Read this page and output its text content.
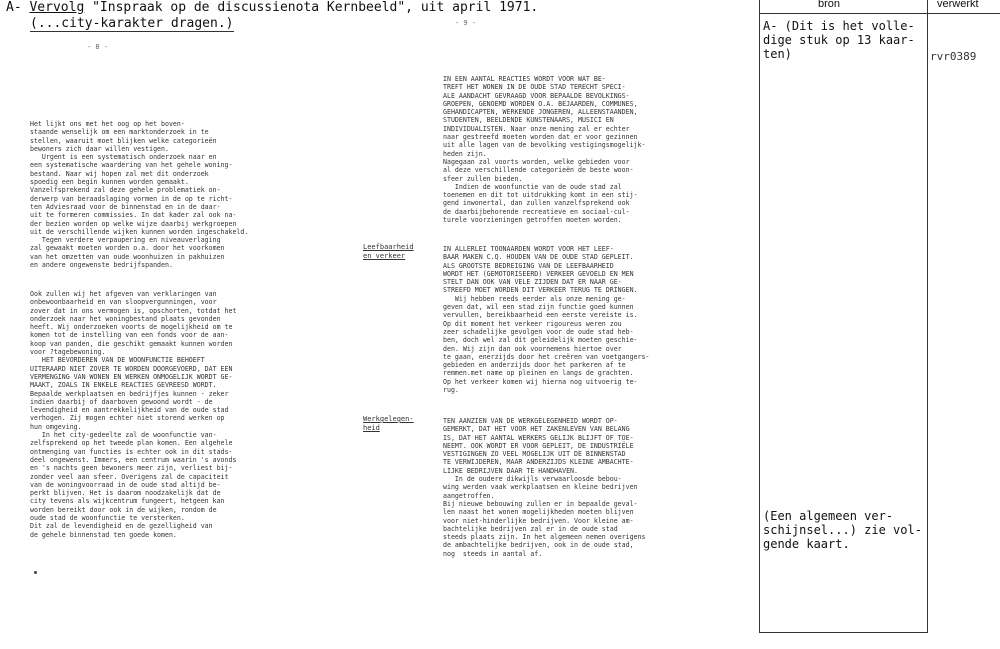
A- Vervolg "Inspraak op de discussienota Kernbeeld", uit april 1971.
(...city-karakter dragen.)
- 8 -
- 9 -
Het lijkt ons met het oog op het boven-
staande wenselijk om een marktonderzoek in te
stellen, waaruit moet blijken welke categorieën
bewoners zich daar willen vestigen.
Urgent is een systematisch onderzoek naar en
een systematische waardering van het gehele woning-
bestand. Naar wij hopen zal met dit onderzoek
spoedig een begin kunnen worden gemaakt.
Vanzelfsprekend zal deze gehele problematiek on-
derwerp van beraadslaging vormen in de op te richt-
ten Adviesraad voor de binnenstad en in de daar-
uit te formeren commissies. In dat kader zal ook na-
der bezien worden op welke wijze daarbij werkgroepen
uit de verschillende wijken kunnen worden ingeschakeld.
Tegen verdere verpaupering en niveauverlaging
zal gewaakt moeten worden o.a. door het voorkomen
van het omzetten van oude woonhuizen in pakhuizen
en andere ongewenste bedrijfspanden.
Ook zullen wij het afgeven van verklaringen van
onbewoonbaarheid en van sloopvergunningen, voor
zover dat in ons vermogen is, opschorten, totdat het
onderzoek naar het woningbestand plaats gevonden
heeft. Wij onderzoeken voorts de mogelijkheid om te
komen tot de instelling van een fonds voor de aan-
koop van panden, die geschikt gemaakt kunnen worden
voor ?tagebewoning.
HET BEVORDEREN VAN DE WOONFUNCTIE BEHOEFT
UITERAARD NIET ZOVER TE WORDEN DOORGEVOERD, DAT EEN
VERMENGING VAN WONEN EN WERKEN ONMOGELIJK WORDT GE-
MAAKT, ZOALS IN ENKELE REACTIES GEVREESD WORDT.
Bepaalde werkplaatsen en bedrijfjes kunnen - zeker
indien daarbij of daarboven gewoond wordt - de
levendigheid en aantrekkelijkheid van de oude stad
verhogen. Zij mogen echter niet storend werken op
hun omgeving.
In het city-gedeelte zal de woonfunctie van-
zelfsprekend op het tweede plan komen. Een algehele
ontmenging van functies is echter ook in dit stads-
deel ongewenst. Immers, een centrum waarin 's avonds
en 's nachts geen bewoners meer zijn, verliest bij-
zonder veel aan sfeer. Overigens zal de capaciteit
van de woningvoorraad in de oude stad altijd be-
perkt blijven. Het is daarom noodzakelijk dat de
city tevens als wijkcentrum fungeert, hetgeen kan
worden bereikt door ook in de wijken, rondom de
oude stad de woonfunctie te versterken.
Dit zal de levendigheid en de gezelligheid van
de gehele binnenstad ten goede komen.
Leefbaarheid
en verkeer
Werkgelegen-
heid
IN EEN AANTAL REACTIES WORDT VOOR WAT BE-
TREFT HET WONEN IN DE OUDE STAD TERECHT SPECI-
ALE AANDACHT GEVRAAGD VOOR BEPAALDE BEVOLKINGS-
GROEPEN, GENOEMD WORDEN O.A. BEJAARDEN, COMMUNES,
GEHANDICAPTEN, WERKENDE JONGEREN, ALLEENSTAANDEN,
STUDENTEN, BEELDENDE KUNSTENAARS, MUSICI EN
INDIVIDUALISTEN. Naar onze mening zal er echter
naar gestreefd moeten worden dat er voor gezinnen
uit alle lagen van de bevolking vestigingsmogelijk-
heden zijn.
Nagegaan zal voorts worden, welke gebieden voor
al deze verschillende categorieën de beste woon-
sfeer zullen bieden.
Indien de woonfunctie van de oude stad zal
toenemen en dit tot uitdrukking komt in een stij-
gend inwonertal, dan zullen vanzelfsprekend ook
de daarbijbehorende recreatieve en sociaal-cul-
turele voorzieningen getroffen moeten worden.
IN ALLERLEI TOONAARDEN WORDT VOOR HET LEEF-
BAAR MAKEN C.Q. HOUDEN VAN DE OUDE STAD GEPLEIT.
ALS GROOTSTE BEDREIGING VAN DE LEEFBAARHEID
WORDT HET (GEMOTORISEERD) VERKEER GEVOELD EN MEN
STELT DAN OOK VAN VELE ZIJDEN DAT ER NAAR GE-
STREEFD MOET WORDEN DIT VERKEER TERUG TE DRINGEN.
Wij hebben reeds eerder als onze mening ge-
geven dat, wil een stad zijn functie goed kunnen
vervullen, bereikbaarheid een eerste vereiste is.
Op dit moment het verkeer rigoureus weren zou
zeer schadelijke gevolgen voor de oude stad heb-
ben, doch wel zal dit geleidelijk moeten geschie-
den. Wij zijn dan ook voornemens hiertoe over
te gaan, enerzijds door het creëren van voetgangers-
gebieden en anderzijds door het parkeren af te
remmen.met name op pleinen en langs de grachten.
Op het verkeer komen wij hierna nog uitvoerig te-
rug.
TEN AANZIEN VAN DE WERKGELEGENHEID WORDT OP-
GEMERKT, DAT HET VOOR HET ZAKENLEVEN VAN BELANG
IS, DAT HET AANTAL WERKERS GELIJK BLIJFT OF TOE-
NEEMT. OOK WORDT ER VOOR GEPLEIT, DE INDUSTRIËLE
VESTIGINGEN ZO VEEL MOGELIJK UIT DE BINNENSTAD
TE VERWIJDEREN, MAAR ANDERZIJDS KLEINE AMBACHTE-
LIJKE BEDRIJVEN DAAR TE HANDHAVEN.
In de oudere dikwijls verwaarloosde bebou-
wing werden vaak werkplaatsen en kleine bedrijven
aangetroffen.
Bij nieuwe bebouwing zullen er in bepaalde geval-
len naast het wonen mogelijkheden moeten blijven
voor niet-hinderlijke bedrijven. Voor kleine am-
bachtelijke bedrijven zal er in de oude stad
steeds plaats zijn. In het algemeen nemen overigens
de ambachtelijke bedrijven, ook in de oude stad,
nog  steeds in aantal af.
bron	verwerkt
A- (Dit is het volle-
dige stuk op 13 kaar-
ten)	rvr0389
(Een algemeen ver-
schijnsel...) zie vol-
gende kaart.
